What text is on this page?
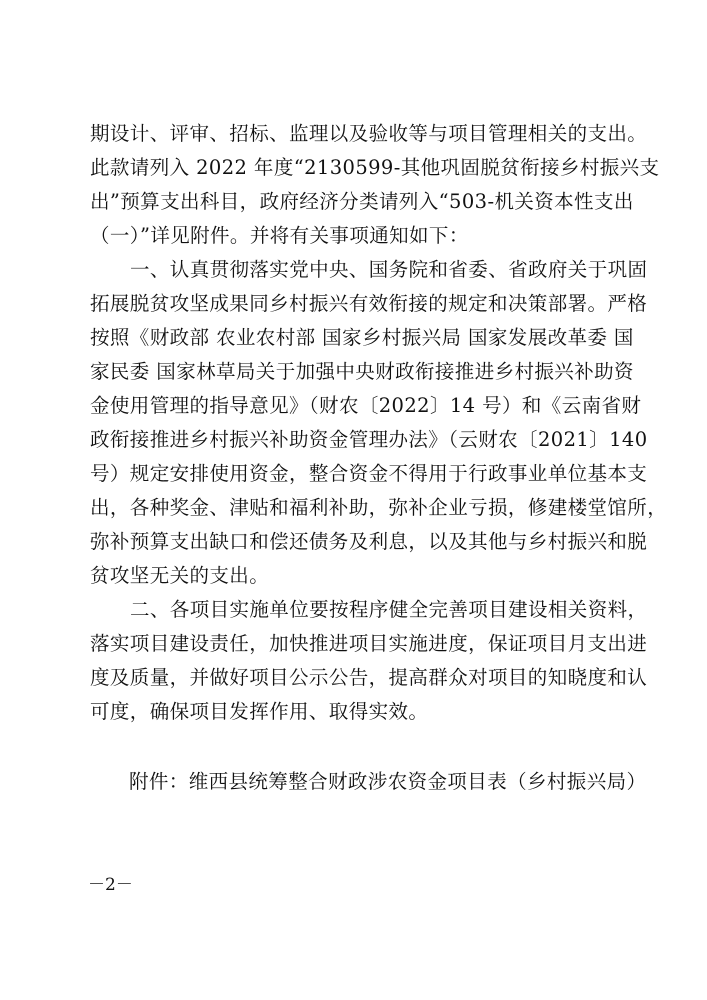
期设计、评审、招标、监理以及验收等与项目管理相关的支出。
此款请列入 2022 年度“2130599-其他巩固脱贫衔接乡村振兴支
出”预算支出科目，政府经济分类请列入“503-机关资本性支出
（一）”详见附件。并将有关事项通知如下：

一、认真贯彻落实党中央、国务院和省委、省政府关于巩固
拓展脱贫攻坚成果同乡村振兴有效衔接的规定和决策部署。严格
按照《财政部 农业农村部 国家乡村振兴局 国家发展改革委 国
家民委 国家林草局关于加强中央财政衔接推进乡村振兴补助资
金使用管理的指导意见》（财农〔2022〕14 号）和《云南省财
政衔接推进乡村振兴补助资金管理办法》（云财农〔2021〕140
号）规定安排使用资金，整合资金不得用于行政事业单位基本支
出，各种奖金、津贴和福利补助，弥补企业亏损，修建楼堂馆所，
弥补预算支出缺口和偿还债务及利息，以及其他与乡村振兴和脱
贫攻坚无关的支出。

二、各项目实施单位要按程序健全完善项目建设相关资料，
落实项目建设责任，加快推进项目实施进度，保证项目月支出进
度及质量，并做好项目公示公告，提高群众对项目的知晓度和认
可度，确保项目发挥作用、取得实效。

附件：维西县统筹整合财政涉农资金项目表（乡村振兴局）
－2－
